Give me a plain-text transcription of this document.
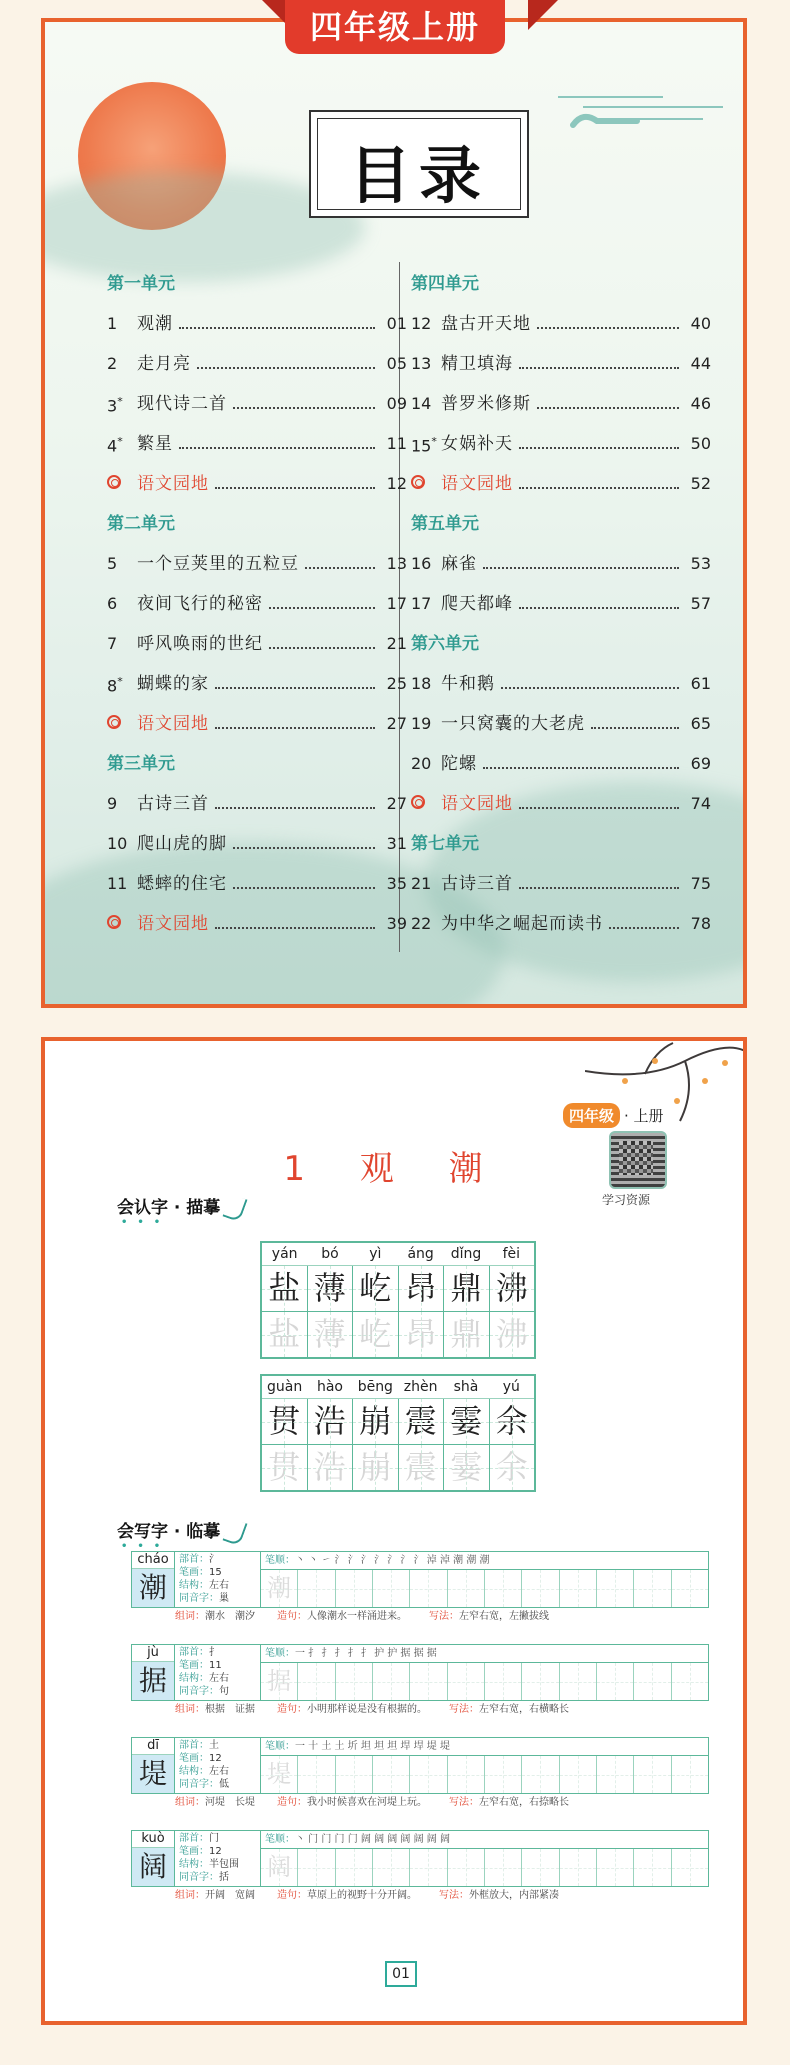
目录
第一单元
1	观潮	01
2	走月亮	05
3* 现代诗二首	09
4* 繁星	11
语文园地	12
第二单元
5	一个豆荚里的五粒豆	13
6	夜间飞行的秘密	17
7	呼风唤雨的世纪	21
8* 蝴蝶的家	25
语文园地	27
第三单元
9	古诗三首	27
10 爬山虎的脚	31
11 蟋蟀的住宅	35
语文园地	39
第四单元
12 盘古开天地	40
13 精卫填海	44
14 普罗米修斯	46
15* 女娲补天	50
语文园地	52
第五单元
16 麻雀	53
17 爬天都峰	57
第六单元
18 牛和鹅	61
19 一只窝囊的大老虎	65
20 陀螺	69
语文园地	74
第七单元
21 古诗三首	75
22 为中华之崛起而读书	78
四年级上册
四年级 · 上册
学习资源
1 观 潮
会认字 · 描摹
•••
yán	bó	yì	áng	dǐng	fèi
盐 薄 屹 昂 鼎 沸
盐 薄 屹 昂 鼎 沸
guàn	hào	bēng zhèn	shà	yú
贯 浩 崩 震 霎 余
贯 浩 崩 震 霎 余
会写字 · 临摹
•••
cháo
潮
部首：氵
笔画：15
结构：左右
同音字：巢
笔顺：丶 丶 ㇀ 氵 氵 氵 氵 氵 氵 氵 淖 淖 潮 潮 潮
潮
组词：潮水　潮汐 造句：人像潮水一样涌进来。 写法：左窄右宽，左撇拔线
jù
据
部首：扌
笔画：11
结构：左右
同音字：句
笔顺：一 扌 扌 扌 扌 扌 护 护 据 据 据
据
组词：根据　证据 造句：小明那样说是没有根据的。 写法：左窄右宽，右横略长
dī
堤
部首：土
笔画：12
结构：左右
同音字：低
笔顺：一 十 土 土 圻 坦 坦 坦 垾 垾 堤 堤
堤
组词：河堤　长堤 造句：我小时候喜欢在河堤上玩。 写法：左窄右宽，右捺略长
kuò
阔
部首：门
笔画：12
结构：半包围
同音字：括
笔顺：丶 门 门 门 门 阔 阔 阔 阔 阔 阔 阔
阔
组词：开阔　宽阔 造句：草原上的视野十分开阔。 写法：外框放大，内部紧凑
01
